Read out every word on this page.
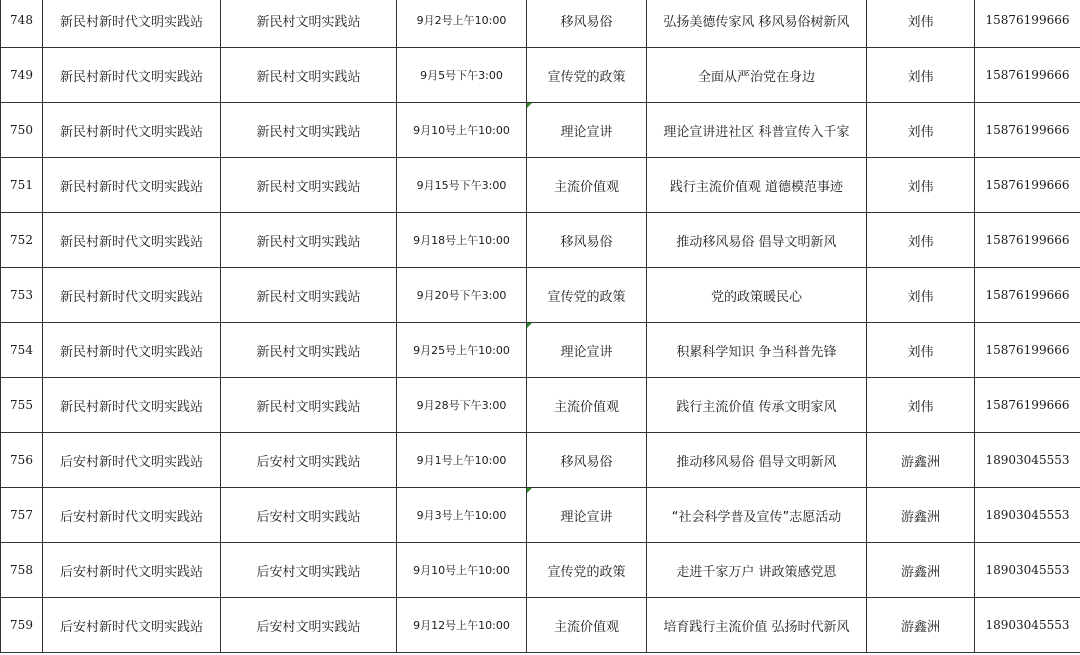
748	新民村新时代文明实践站	新民村文明实践站	9月2号上午10:00	移风易俗	弘扬美德传家风 移风易俗树新风	刘伟	15876199666
749	新民村新时代文明实践站	新民村文明实践站	9月5号下午3:00	宣传党的政策	全面从严治党在身边	刘伟	15876199666
750	新民村新时代文明实践站	新民村文明实践站	9月10号上午10:00	理论宣讲	理论宣讲进社区 科普宣传入千家	刘伟	15876199666
751	新民村新时代文明实践站	新民村文明实践站	9月15号下午3:00	主流价值观	践行主流价值观 道德模范事迹	刘伟	15876199666
752	新民村新时代文明实践站	新民村文明实践站	9月18号上午10:00	移风易俗	推动移风易俗 倡导文明新风	刘伟	15876199666
753	新民村新时代文明实践站	新民村文明实践站	9月20号下午3:00	宣传党的政策	党的政策暖民心	刘伟	15876199666
754	新民村新时代文明实践站	新民村文明实践站	9月25号上午10:00	理论宣讲	积累科学知识 争当科普先锋	刘伟	15876199666
755	新民村新时代文明实践站	新民村文明实践站	9月28号下午3:00	主流价值观	践行主流价值 传承文明家风	刘伟	15876199666
756	后安村新时代文明实践站	后安村文明实践站	9月1号上午10:00	移风易俗	推动移风易俗 倡导文明新风	游鑫洲	18903045553
757	后安村新时代文明实践站	后安村文明实践站	9月3号上午10:00	理论宣讲	“社会科学普及宣传”志愿活动	游鑫洲	18903045553
758	后安村新时代文明实践站	后安村文明实践站	9月10号上午10:00	宣传党的政策	走进千家万户 讲政策感党恩	游鑫洲	18903045553
759	后安村新时代文明实践站	后安村文明实践站	9月12号上午10:00	主流价值观	培育践行主流价值 弘扬时代新风	游鑫洲	18903045553
